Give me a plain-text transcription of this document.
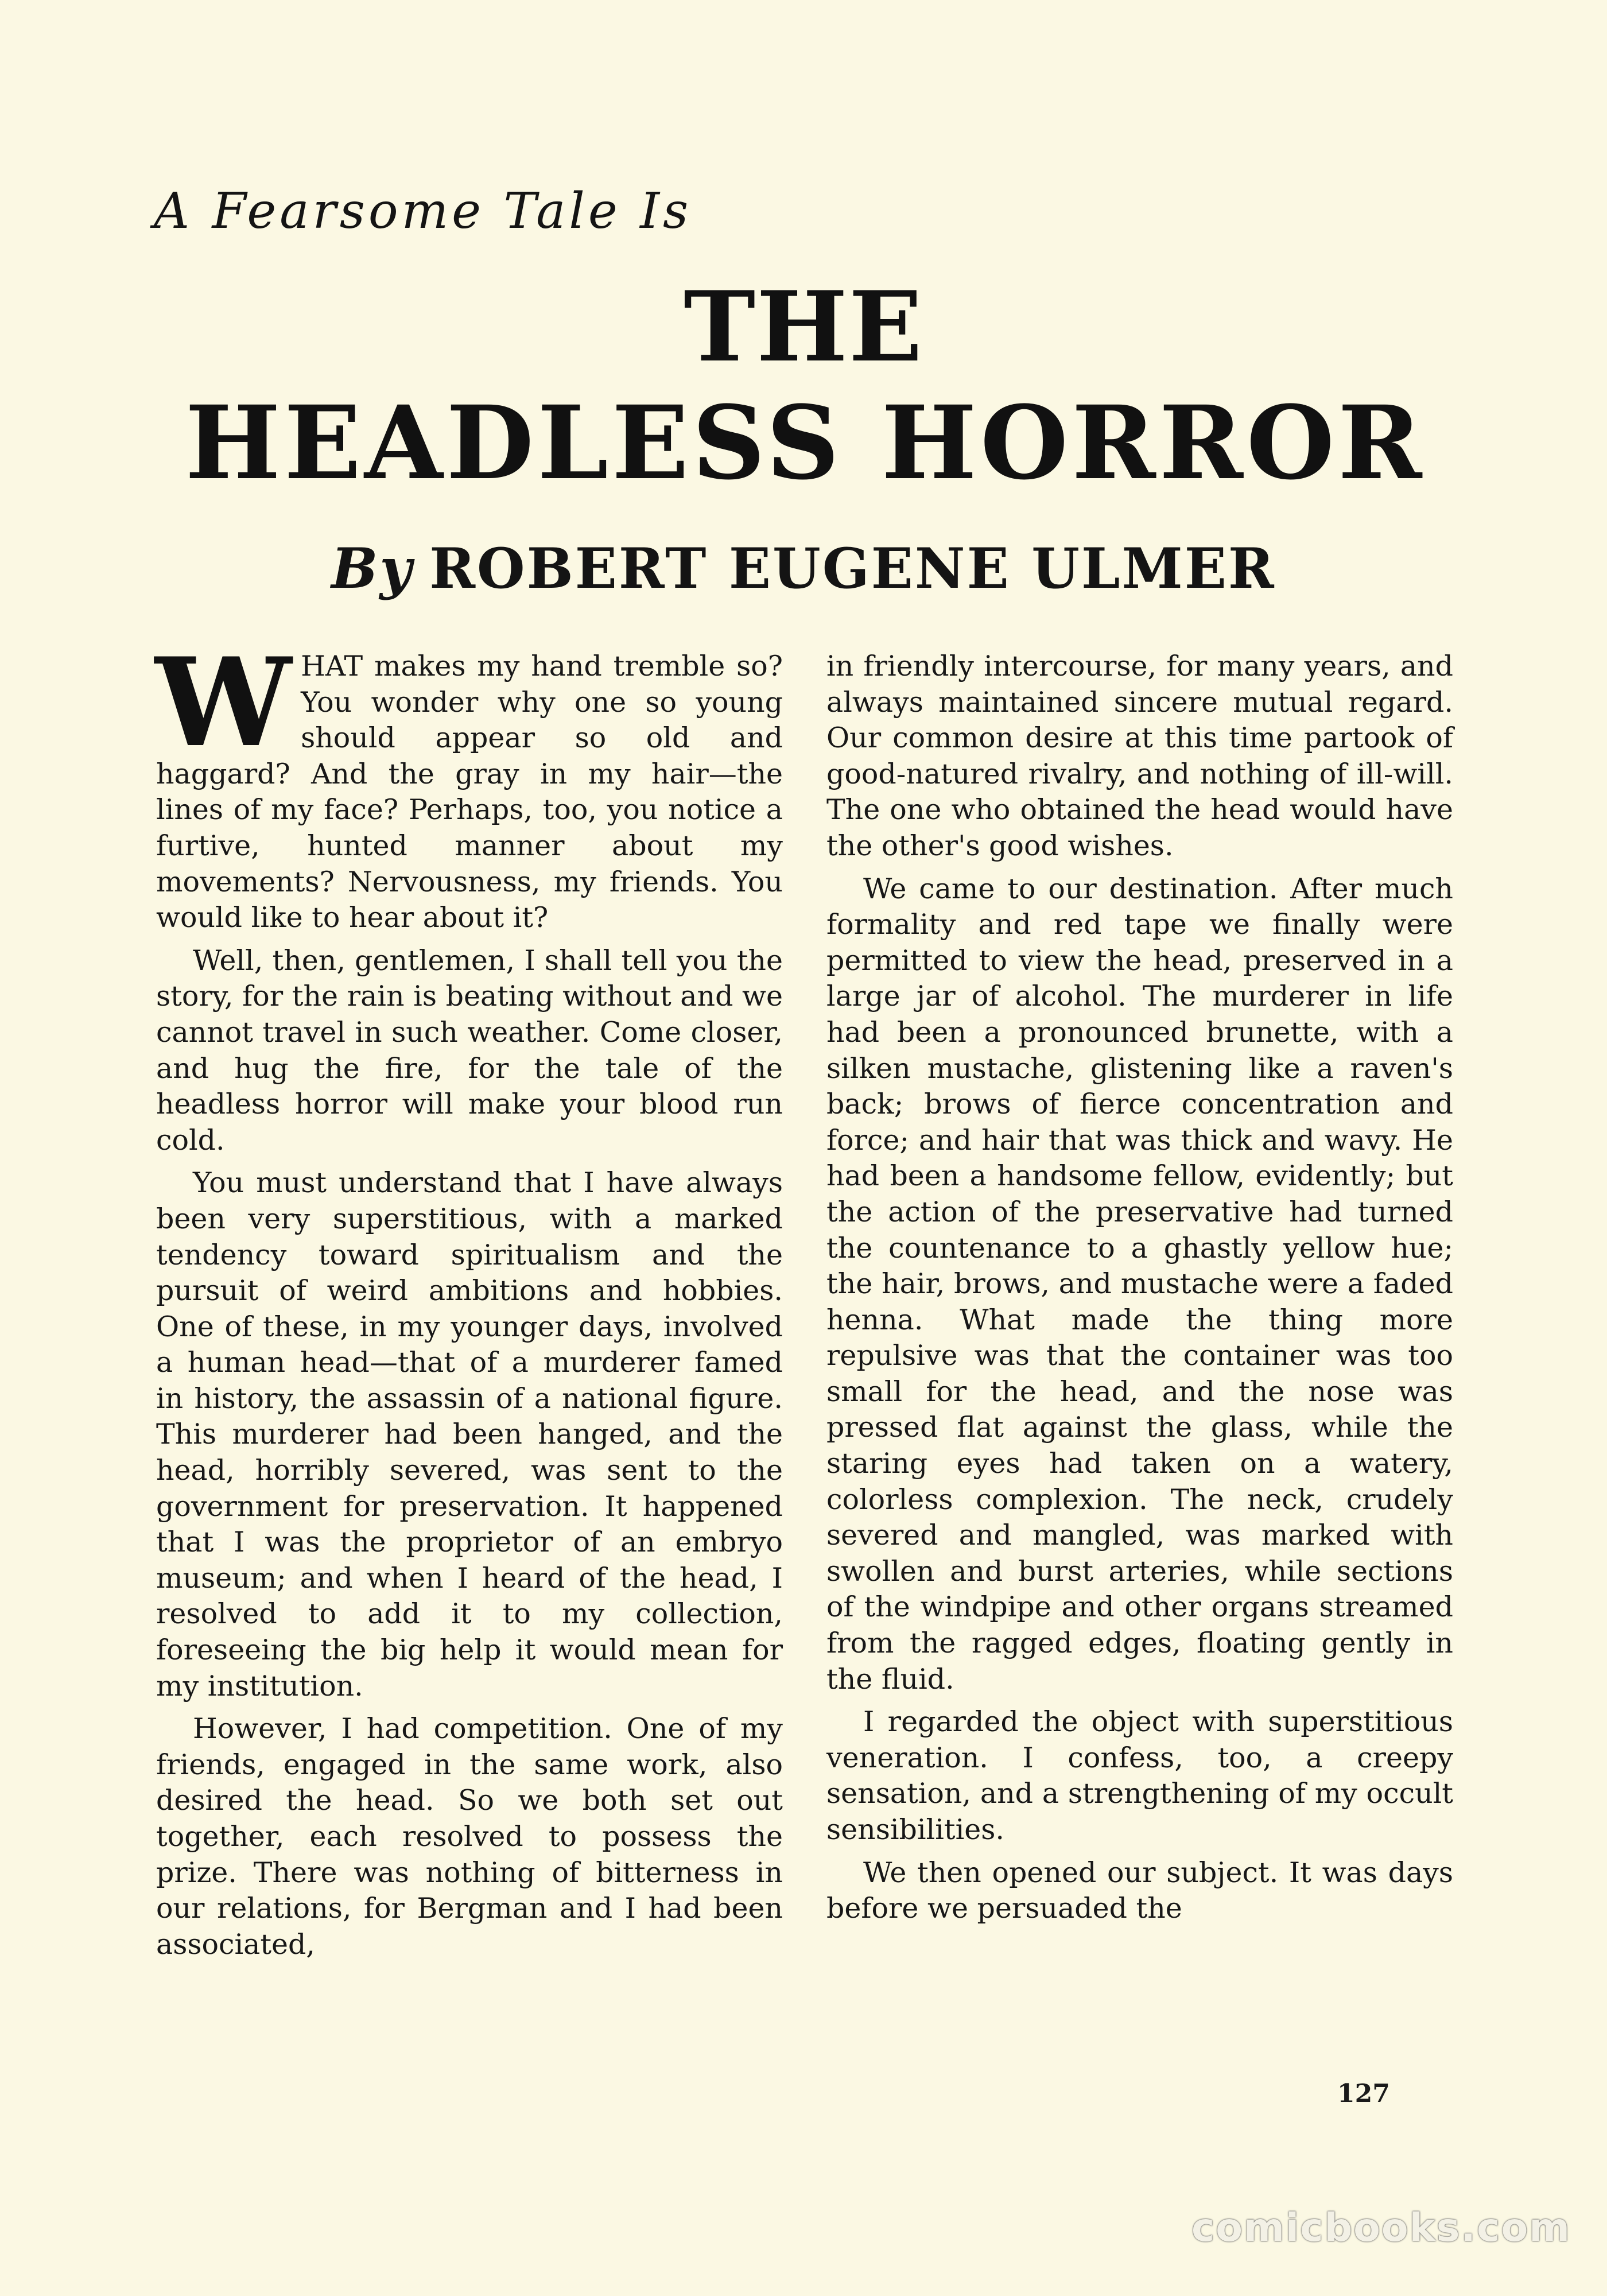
A Fearsome Tale Is
THE
HEADLESS HORROR
By ROBERT EUGENE ULMER

WHAT makes my hand tremble so? You wonder why one so young should appear so old and haggard? And the gray in my hair—the lines of my face? Perhaps, too, you notice a furtive, hunted manner about my movements? Nervousness, my friends. You would like to hear about it?

Well, then, gentlemen, I shall tell you the story, for the rain is beating without and we cannot travel in such weather. Come closer, and hug the fire, for the tale of the headless horror will make your blood run cold.

You must understand that I have always been very superstitious, with a marked tendency toward spiritualism and the pursuit of weird ambitions and hobbies. One of these, in my younger days, involved a human head—that of a murderer famed in history, the assassin of a national figure. This murderer had been hanged, and the head, horribly severed, was sent to the government for preservation. It happened that I was the proprietor of an embryo museum; and when I heard of the head, I resolved to add it to my collection, foreseeing the big help it would mean for my institution.

However, I had competition. One of my friends, engaged in the same work, also desired the head. So we both set out together, each resolved to possess the prize. There was nothing of bitterness in our relations, for Bergman and I had been associated,

in friendly intercourse, for many years, and always maintained sincere mutual regard. Our common desire at this time partook of good-natured rivalry, and nothing of ill-will. The one who obtained the head would have the other's good wishes.

We came to our destination. After much formality and red tape we finally were permitted to view the head, preserved in a large jar of alcohol. The murderer in life had been a pronounced brunette, with a silken mustache, glistening like a raven's back; brows of fierce concentration and force; and hair that was thick and wavy. He had been a handsome fellow, evidently; but the action of the preservative had turned the countenance to a ghastly yellow hue; the hair, brows, and mustache were a faded henna. What made the thing more repulsive was that the container was too small for the head, and the nose was pressed flat against the glass, while the staring eyes had taken on a watery, colorless complexion. The neck, crudely severed and mangled, was marked with swollen and burst arteries, while sections of the windpipe and other organs streamed from the ragged edges, floating gently in the fluid.

I regarded the object with superstitious veneration. I confess, too, a creepy sensation, and a strengthening of my occult sensibilities.

We then opened our subject. It was days before we persuaded the

127
comicbooks.com
